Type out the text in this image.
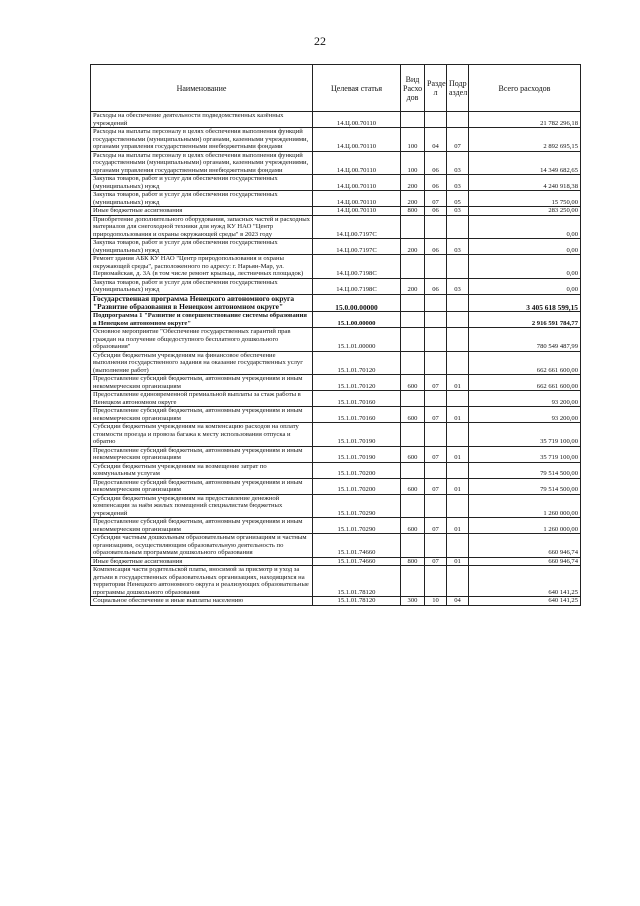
22
Наименование	Целевая статья	Вид Расхо дов	Разде л	Подр аздел	Всего расходов
Расходы на обеспечение деятельности подведомственных казённых учреждений	14.Ц.00.70110				21 782 296,18
Расходы на выплаты персоналу в целях обеспечения выполнения функций государственными (муниципальными) органами, казенными учреждениями, органами управления государственными внебюджетными фондами	14.Ц.00.70110	100	04	07	2 892 695,15
Расходы на выплаты персоналу в целях обеспечения выполнения функций государственными (муниципальными) органами, казенными учреждениями, органами управления государственными внебюджетными фондами	14.Ц.00.70110	100	06	03	14 349 682,65
Закупка товаров, работ и услуг для обеспечения государственных (муниципальных) нужд	14.Ц.00.70110	200	06	03	4 240 918,38
Закупка товаров, работ и услуг для обеспечения государственных (муниципальных) нужд	14.Ц.00.70110	200	07	05	15 750,00
Иные бюджетные ассигнования	14.Ц.00.70110	800	06	03	283 250,00
Приобретение дополнительного оборудования, запасных частей и расходных материалов для снегоходной техники для нужд КУ НАО "Центр природопользования и охраны окружающей среды" в 2023 году	14.Ц.00.7197С				0,00
Закупка товаров, работ и услуг для обеспечения государственных (муниципальных) нужд	14.Ц.00.7197С	200	06	03	0,00
Ремонт здания АБК КУ НАО "Центр природопользования и охраны окружающей среды", расположенного по адресу: г. Нарьян-Мар, ул. Первомайская, д. 3А (в том числе ремонт крыльца, лестничных площадок)	14.Ц.00.7198С				0,00
Закупка товаров, работ и услуг для обеспечения государственных (муниципальных) нужд	14.Ц.00.7198С	200	06	03	0,00
Государственная программа Ненецкого автономного округа "Развитие образования в Ненецком автономном округе"	15.0.00.00000				3 405 618 599,15
Подпрограмма 1 "Развитие и совершенствование системы образования в Ненецком автономном округе"	15.1.00.00000				2 916 591 784,77
Основное мероприятие "Обеспечение государственных гарантий прав граждан на получение общедоступного бесплатного дошкольного образования"	15.1.01.00000				780 549 487,99
Субсидии бюджетным учреждениям на финансовое обеспечение выполнения государственного задания на оказание государственных услуг (выполнение работ)	15.1.01.70120				662 661 600,00
Предоставление субсидий бюджетным, автономным учреждениям и иным некоммерческим организациям	15.1.01.70120	600	07	01	662 661 600,00
Предоставление единовременной премиальной выплаты за стаж работы в Ненецком автономном округе	15.1.01.70160				93 200,00
Предоставление субсидий бюджетным, автономным учреждениям и иным некоммерческим организациям	15.1.01.70160	600	07	01	93 200,00
Субсидии бюджетным учреждениям на компенсацию расходов на оплату стоимости проезда и провоза багажа к месту использования отпуска и обратно	15.1.01.70190				35 719 100,00
Предоставление субсидий бюджетным, автономным учреждениям и иным некоммерческим организациям	15.1.01.70190	600	07	01	35 719 100,00
Субсидии бюджетным учреждениям на возмещение затрат по коммунальным услугам	15.1.01.70200				79 514 500,00
Предоставление субсидий бюджетным, автономным учреждениям и иным некоммерческим организациям	15.1.01.70200	600	07	01	79 514 500,00
Субсидии бюджетным учреждениям на предоставление денежной компенсации за наём жилых помещений специалистам бюджетных учреждений	15.1.01.70290				1 260 000,00
Предоставление субсидий бюджетным, автономным учреждениям и иным некоммерческим организациям	15.1.01.70290	600	07	01	1 260 000,00
Субсидии частным дошкольным образовательным организациям и частным организациям, осуществляющим образовательную деятельность по образовательным программам дошкольного образования	15.1.01.74660				660 946,74
Иные бюджетные ассигнования	15.1.01.74660	800	07	01	660 946,74
Компенсация части родительской платы, вносимой за присмотр и уход за детьми в государственных образовательных организациях, находящихся на территории Ненецкого автономного округа и реализующих образовательные программы дошкольного образования	15.1.01.78120				640 141,25
Социальное обеспечение и иные выплаты населению	15.1.01.78120	300	10	04	640 141,25
